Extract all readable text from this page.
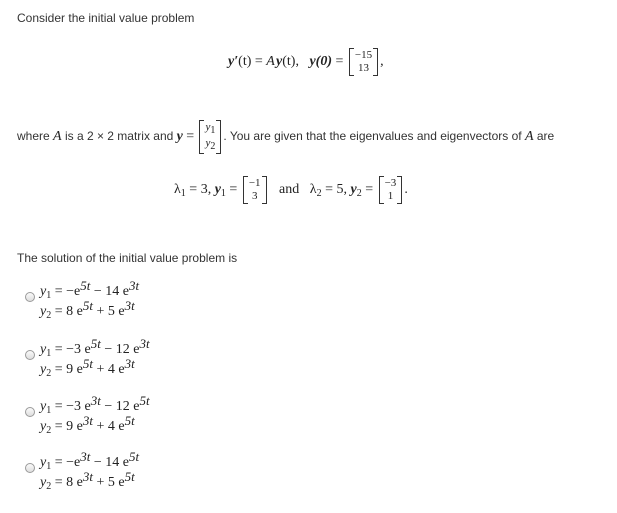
Consider the initial value problem
y′(t) = A y(t), y(0) = −15
13 ,
where A is a 2 × 2 matrix and y =
y1
y2
. You are given that the eigenvalues and eigenvectors of A are
$\lambda_1 = 3$, $y_1 = -1$
3 and $\lambda_2 = 5$, $y_2 = -3$
1 .
The solution of the initial value problem is
$y_1 = -e5t - 14$ e3t
$y_2 = 8$ e5t + 5 e3t
$y_1 = -3$ e5t − 12 e3t
$y_2 = 9$ e5t + 4 e3t
$y_1 = -3$ e3t − 12 e5t
$y_2 = 9$ e3t + 4 e5t
$y_1 = -e3t - 14$ e5t
$y_2 = 8$ e3t + 5 e5t
